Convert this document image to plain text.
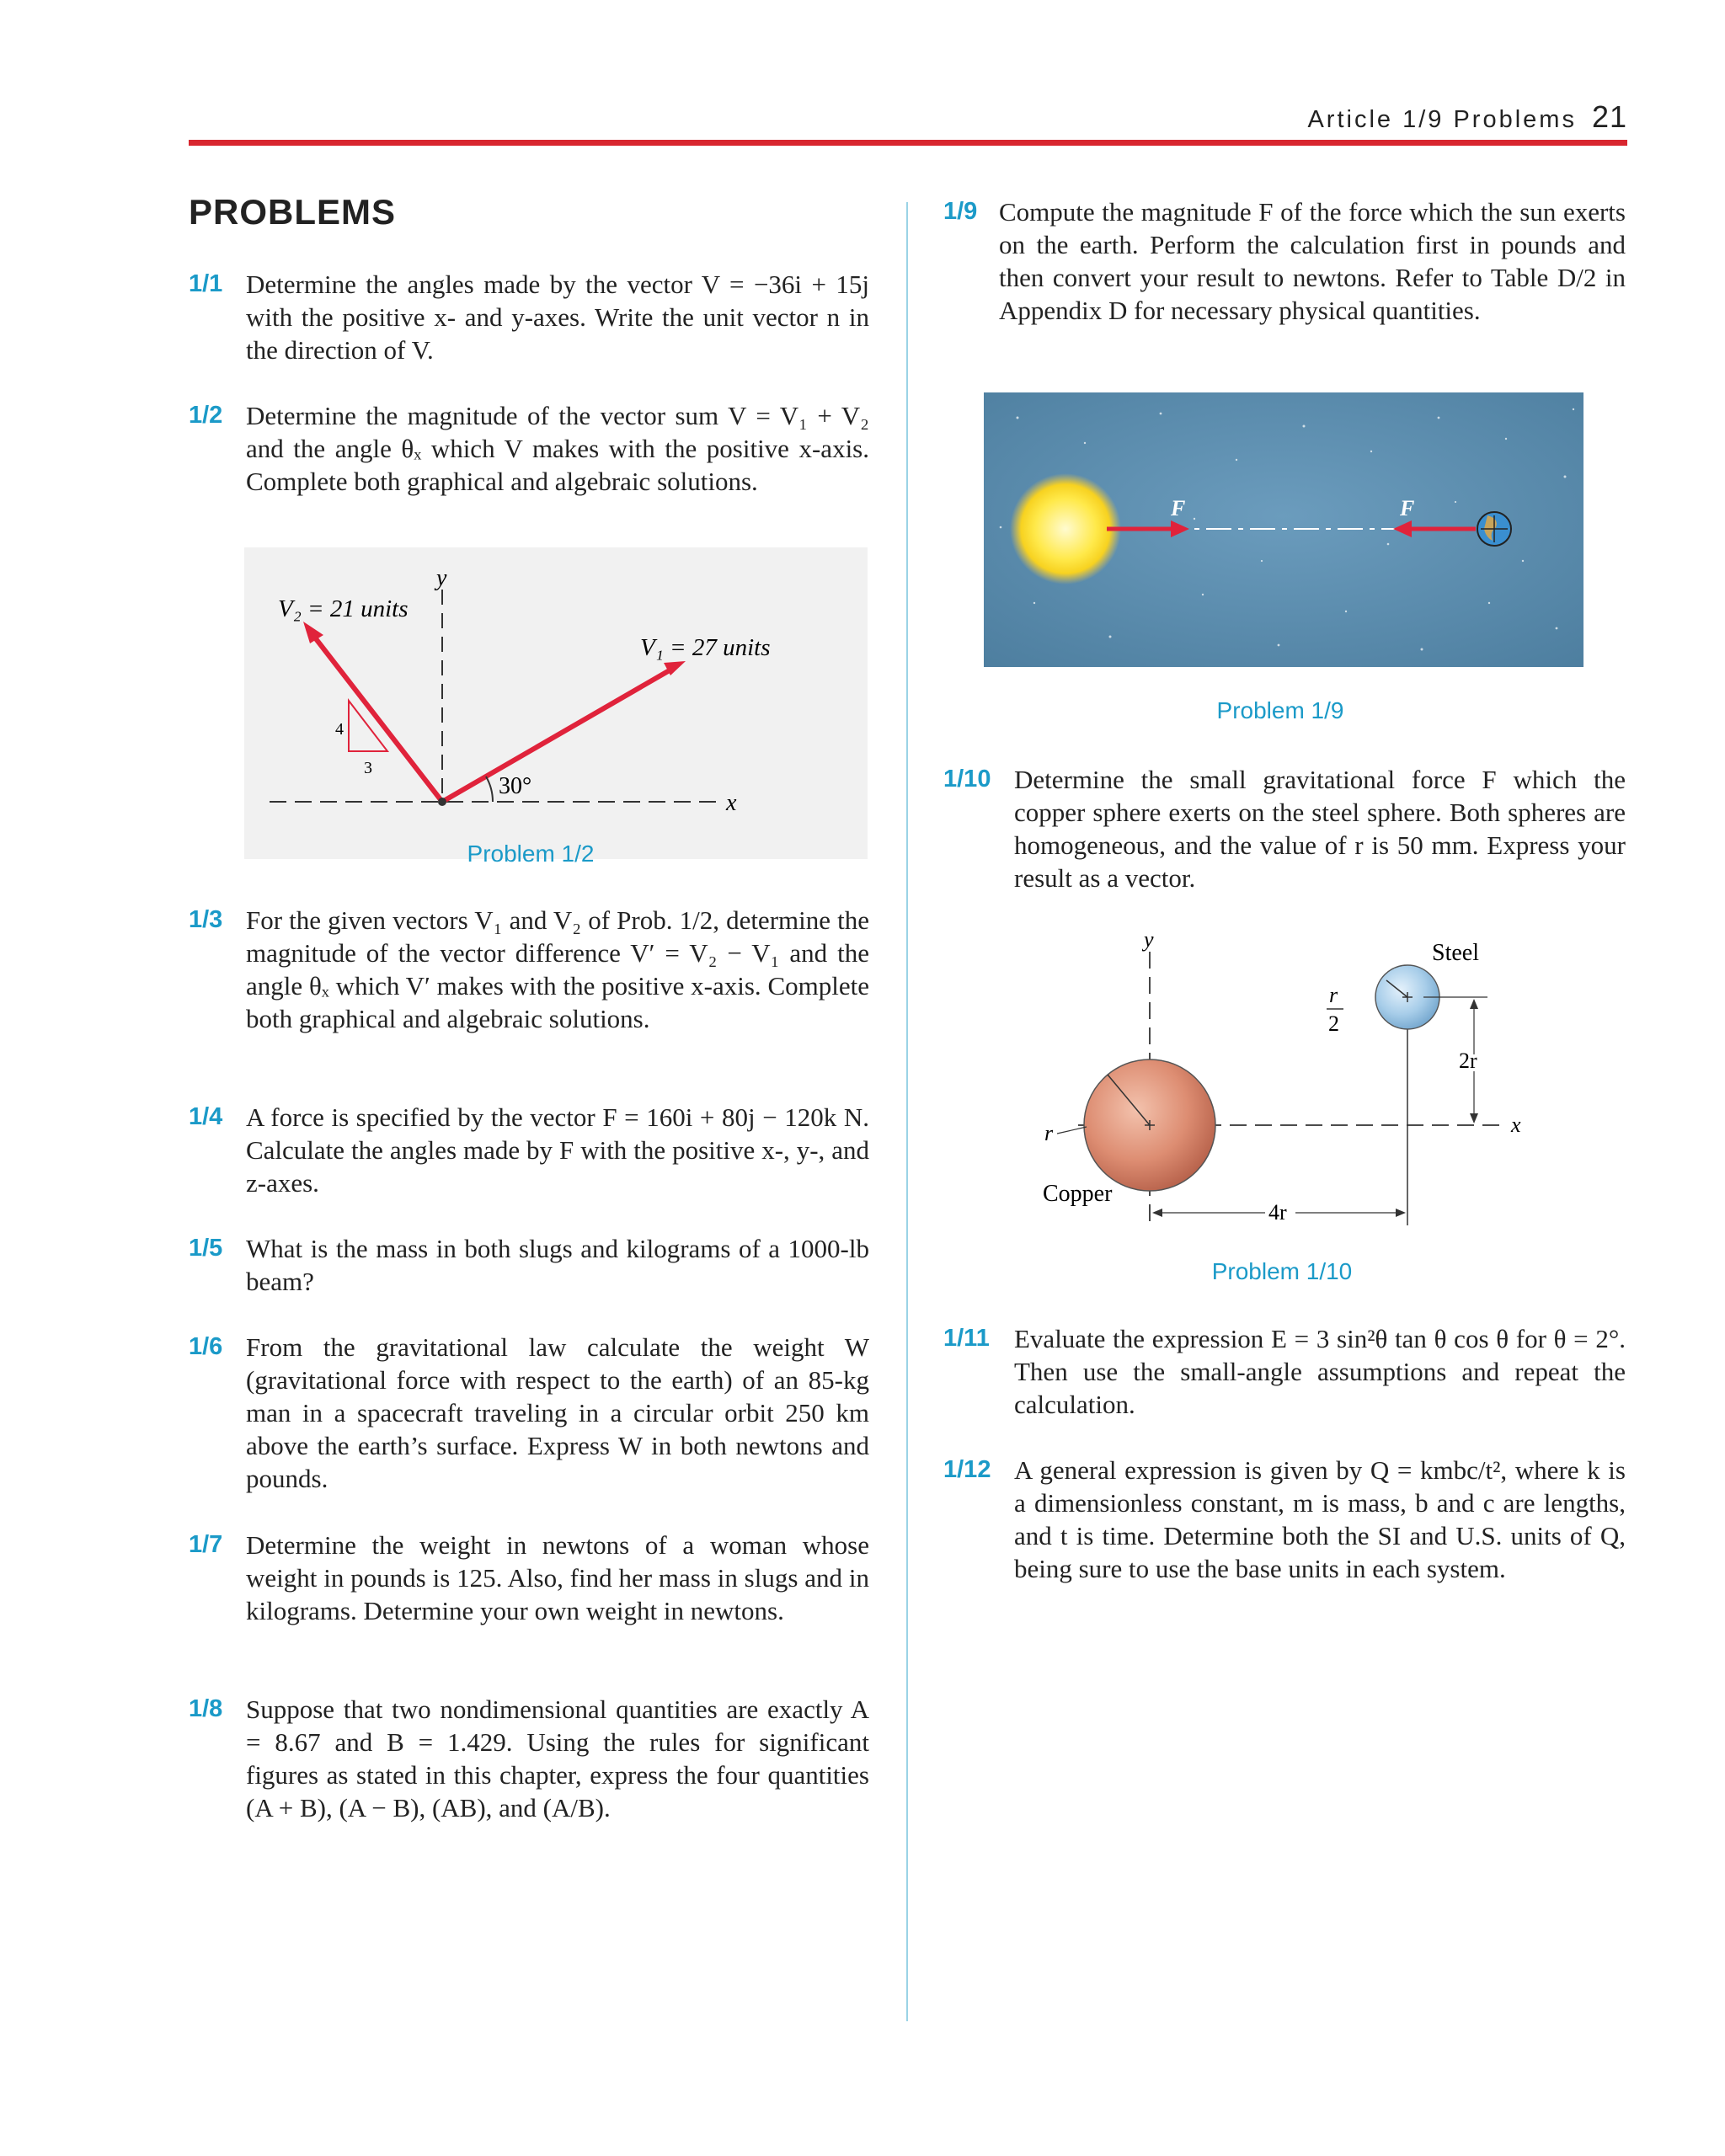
Article 1/9 Problems 21
PROBLEMS
1/1 Determine the angles made by the vector V = −36i + 15j with the positive x- and y-axes. Write the unit vector n in the direction of V.
1/2 Determine the magnitude of the vector sum V = V₁ + V₂ and the angle θₓ which V makes with the positive x-axis. Complete both graphical and algebraic solutions.
y
x
30°
4
3
V₂ = 21 units
V₁ = 27 units
Problem 1/2
1/3 For the given vectors V₁ and V₂ of Prob. 1/2, determine the magnitude of the vector difference V′ = V₂ − V₁ and the angle θₓ which V′ makes with the positive x-axis. Complete both graphical and algebraic solutions.
1/4 A force is specified by the vector F = 160i + 80j − 120k N. Calculate the angles made by F with the positive x-, y-, and z-axes.
1/5 What is the mass in both slugs and kilograms of a 1000-lb beam?
1/6 From the gravitational law calculate the weight W (gravitational force with respect to the earth) of an 85-kg man in a spacecraft traveling in a circular orbit 250 km above the earth’s surface. Express W in both newtons and pounds.
1/7 Determine the weight in newtons of a woman whose weight in pounds is 125. Also, find her mass in slugs and in kilograms. Determine your own weight in newtons.
1/8 Suppose that two nondimensional quantities are exactly A = 8.67 and B = 1.429. Using the rules for significant figures as stated in this chapter, express the four quantities (A + B), (A − B), (AB), and (A/B).
1/9 Compute the magnitude F of the force which the sun exerts on the earth. Perform the calculation first in pounds and then convert your result to newtons. Refer to Table D/2 in Appendix D for necessary physical quantities.
F	F
Problem 1/9
1/10 Determine the small gravitational force F which the copper sphere exerts on the steel sphere. Both spheres are homogeneous, and the value of r is 50 mm. Express your result as a vector.
y
x
r
Copper
Steel
r
2
2r
4r
Problem 1/10
1/11 Evaluate the expression E = 3 sin²θ tan θ cos θ for θ = 2°. Then use the small-angle assumptions and repeat the calculation.
1/12 A general expression is given by Q = kmbc/t², where k is a dimensionless constant, m is mass, b and c are lengths, and t is time. Determine both the SI and U.S. units of Q, being sure to use the base units in each system.
